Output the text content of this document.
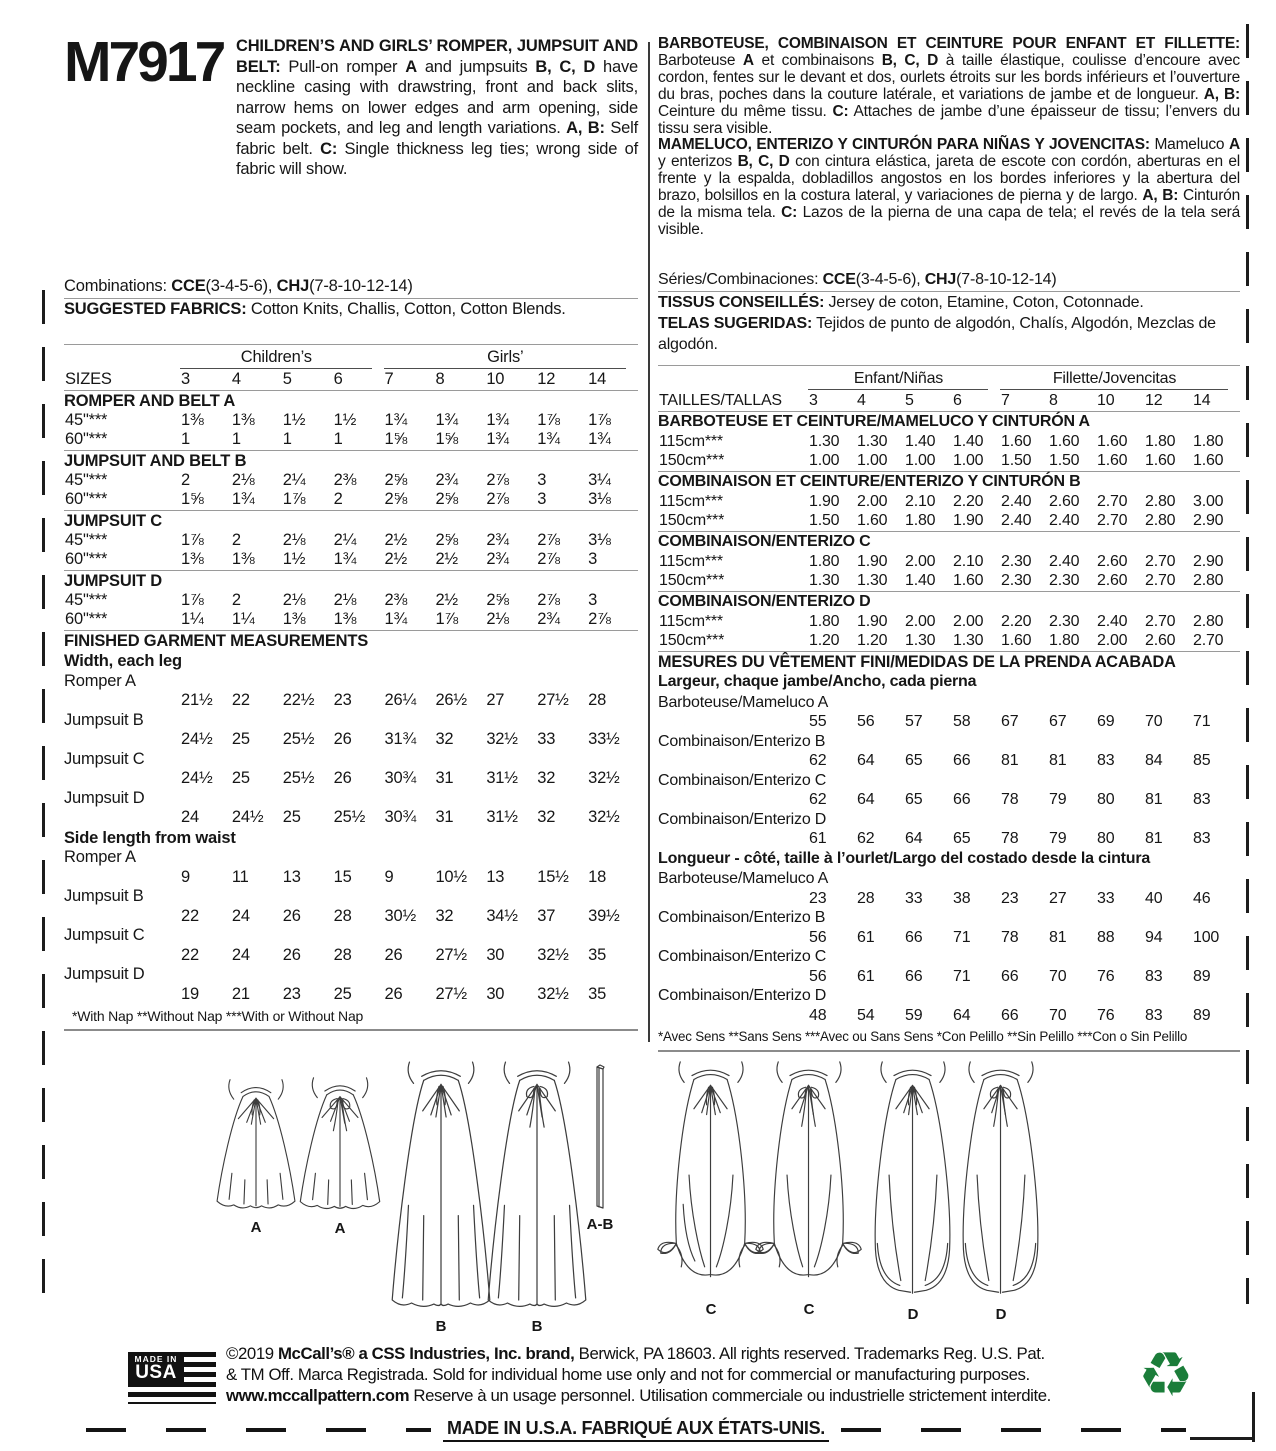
M7917 CHILDREN’S AND GIRLS’ ROMPER, JUMPSUIT AND BELT: Pull-on romper A and jumpsuits B, C, D have neckline casing with drawstring, front and back slits, narrow hems on lower edges and arm opening, side seam pockets, and leg and length variations. A, B: Self fabric belt. C: Single thickness leg ties; wrong side of fabric will show.
Combinations: CCE(3-4-5-6), CHJ(7-8-10-12-14)
SUGGESTED FABRICS: Cotton Knits, Challis, Cotton, Cotton Blends.
Children’s	Girls’
SIZES	3	4	5	6	7	8	10	12	14
ROMPER AND BELT A
45"***	1⅜	1⅜	1½	1½	1¾	1¾	1¾	1⅞	1⅞
60"***	1	1	1	1	1⅝	1⅝	1¾	1¾	1¾
JUMPSUIT AND BELT B
45"***	2	2⅛	2¼	2⅜	2⅝	2¾	2⅞	3	3¼
60"***	1⅝	1¾	1⅞	2	2⅝	2⅝	2⅞	3	3⅛
JUMPSUIT C
45"***	1⅞	2	2⅛	2¼	2½	2⅝	2¾	2⅞	3⅛
60"***	1⅜	1⅜	1½	1¾	2½	2½	2¾	2⅞	3
JUMPSUIT D
45"***	1⅞	2	2⅛	2⅛	2⅜	2½	2⅝	2⅞	3
60"***	1¼	1¼	1⅜	1⅜	1¾	1⅞	2⅛	2¾	2⅞
FINISHED GARMENT MEASUREMENTS
Width, each leg
Romper A
21½	22	22½	23	26¼	26½	27	27½	28
Jumpsuit B
24½	25	25½	26	31¾	32	32½	33	33½
Jumpsuit C
24½	25	25½	26	30¾	31	31½	32	32½
Jumpsuit D
24	24½	25	25½	30¾	31	31½	32	32½
Side length from waist
Romper A
9	11	13	15	9	10½	13	15½	18
Jumpsuit B
22	24	26	28	30½	32	34½	37	39½
Jumpsuit C
22	24	26	28	26	27½	30	32½	35
Jumpsuit D
19	21	23	25	26	27½	30	32½	35
*With Nap **Without Nap ***With or Without Nap
BARBOTEUSE, COMBINAISON ET CEINTURE POUR ENFANT ET FILLETTE: Barboteuse A et combinaisons B, C, D à taille élastique, coulisse d’encoure avec cordon, fentes sur le devant et dos, ourlets étroits sur les bords inférieurs et l’ouverture du bras, poches dans la couture latérale, et variations de jambe et de longueur. A, B: Ceinture du même tissu. C: Attaches de jambe d’une épaisseur de tissu; l’envers du tissu sera visible.
MAMELUCO, ENTERIZO Y CINTURÓN PARA NIÑAS Y JOVENCITAS: Mameluco A y enterizos B, C, D con cintura elástica, jareta de escote con cordón, aberturas en el frente y la espalda, dobladillos angostos en los bordes inferiores y la abertura del brazo, bolsillos en la costura lateral, y variaciones de pierna y de largo. A, B: Cinturón de la misma tela. C: Lazos de la pierna de una capa de tela; el revés de la tela será visible.
Séries/Combinaciones: CCE(3-4-5-6), CHJ(7-8-10-12-14)
TISSUS CONSEILLÉS: Jersey de coton, Etamine, Coton, Cotonnade.
TELAS SUGERIDAS: Tejidos de punto de algodón, Chalís, Algodón, Mezclas de algodón.
Enfant/Niñas	Fillette/Jovencitas
TAILLES/TALLAS	3	4	5	6	7	8	10	12	14
BARBOTEUSE ET CEINTURE/MAMELUCO Y CINTURÓN A
115cm***	1.30	1.30	1.40	1.40	1.60	1.60	1.60	1.80	1.80
150cm***	1.00	1.00	1.00	1.00	1.50	1.50	1.60	1.60	1.60
COMBINAISON ET CEINTURE/ENTERIZO Y CINTURÓN B
115cm***	1.90	2.00	2.10	2.20	2.40	2.60	2.70	2.80	3.00
150cm***	1.50	1.60	1.80	1.90	2.40	2.40	2.70	2.80	2.90
COMBINAISON/ENTERIZO C
115cm***	1.80	1.90	2.00	2.10	2.30	2.40	2.60	2.70	2.90
150cm***	1.30	1.30	1.40	1.60	2.30	2.30	2.60	2.70	2.80
COMBINAISON/ENTERIZO D
115cm***	1.80	1.90	2.00	2.00	2.20	2.30	2.40	2.70	2.80
150cm***	1.20	1.20	1.30	1.30	1.60	1.80	2.00	2.60	2.70
MESURES DU VÊTEMENT FINI/MEDIDAS DE LA PRENDA ACABADA
Largeur, chaque jambe/Ancho, cada pierna
Barboteuse/Mameluco A
55	56	57	58	67	67	69	70	71
Combinaison/Enterizo B
62	64	65	66	81	81	83	84	85
Combinaison/Enterizo C
62	64	65	66	78	79	80	81	83
Combinaison/Enterizo D
61	62	64	65	78	79	80	81	83
Longueur - côté, taille à l’ourlet/Largo del costado desde la cintura
Barboteuse/Mameluco A
23	28	33	38	23	27	33	40	46
Combinaison/Enterizo B
56	61	66	71	78	81	88	94	100
Combinaison/Enterizo C
56	61	66	71	66	70	76	83	89
Combinaison/Enterizo D
48	54	59	64	66	70	76	83	89
*Avec Sens **Sans Sens ***Avec ou Sans Sens *Con Pelillo **Sin Pelillo ***Con o Sin Pelillo
A	A
B	B
A-B
C	C	D	D
MADE IN
USA
©2019 McCall’s® a CSS Industries, Inc. brand, Berwick, PA 18603. All rights reserved. Trademarks Reg. U.S. Pat.
& TM Off. Marca Registrada. Sold for individual home use only and not for commercial or manufacturing purposes.
www.mccallpattern.com Reserve à un usage personnel. Utilisation commerciale ou industrielle strictement interdite.	♻
MADE IN U.S.A. FABRIQUÉ AUX ÉTATS-UNIS.
